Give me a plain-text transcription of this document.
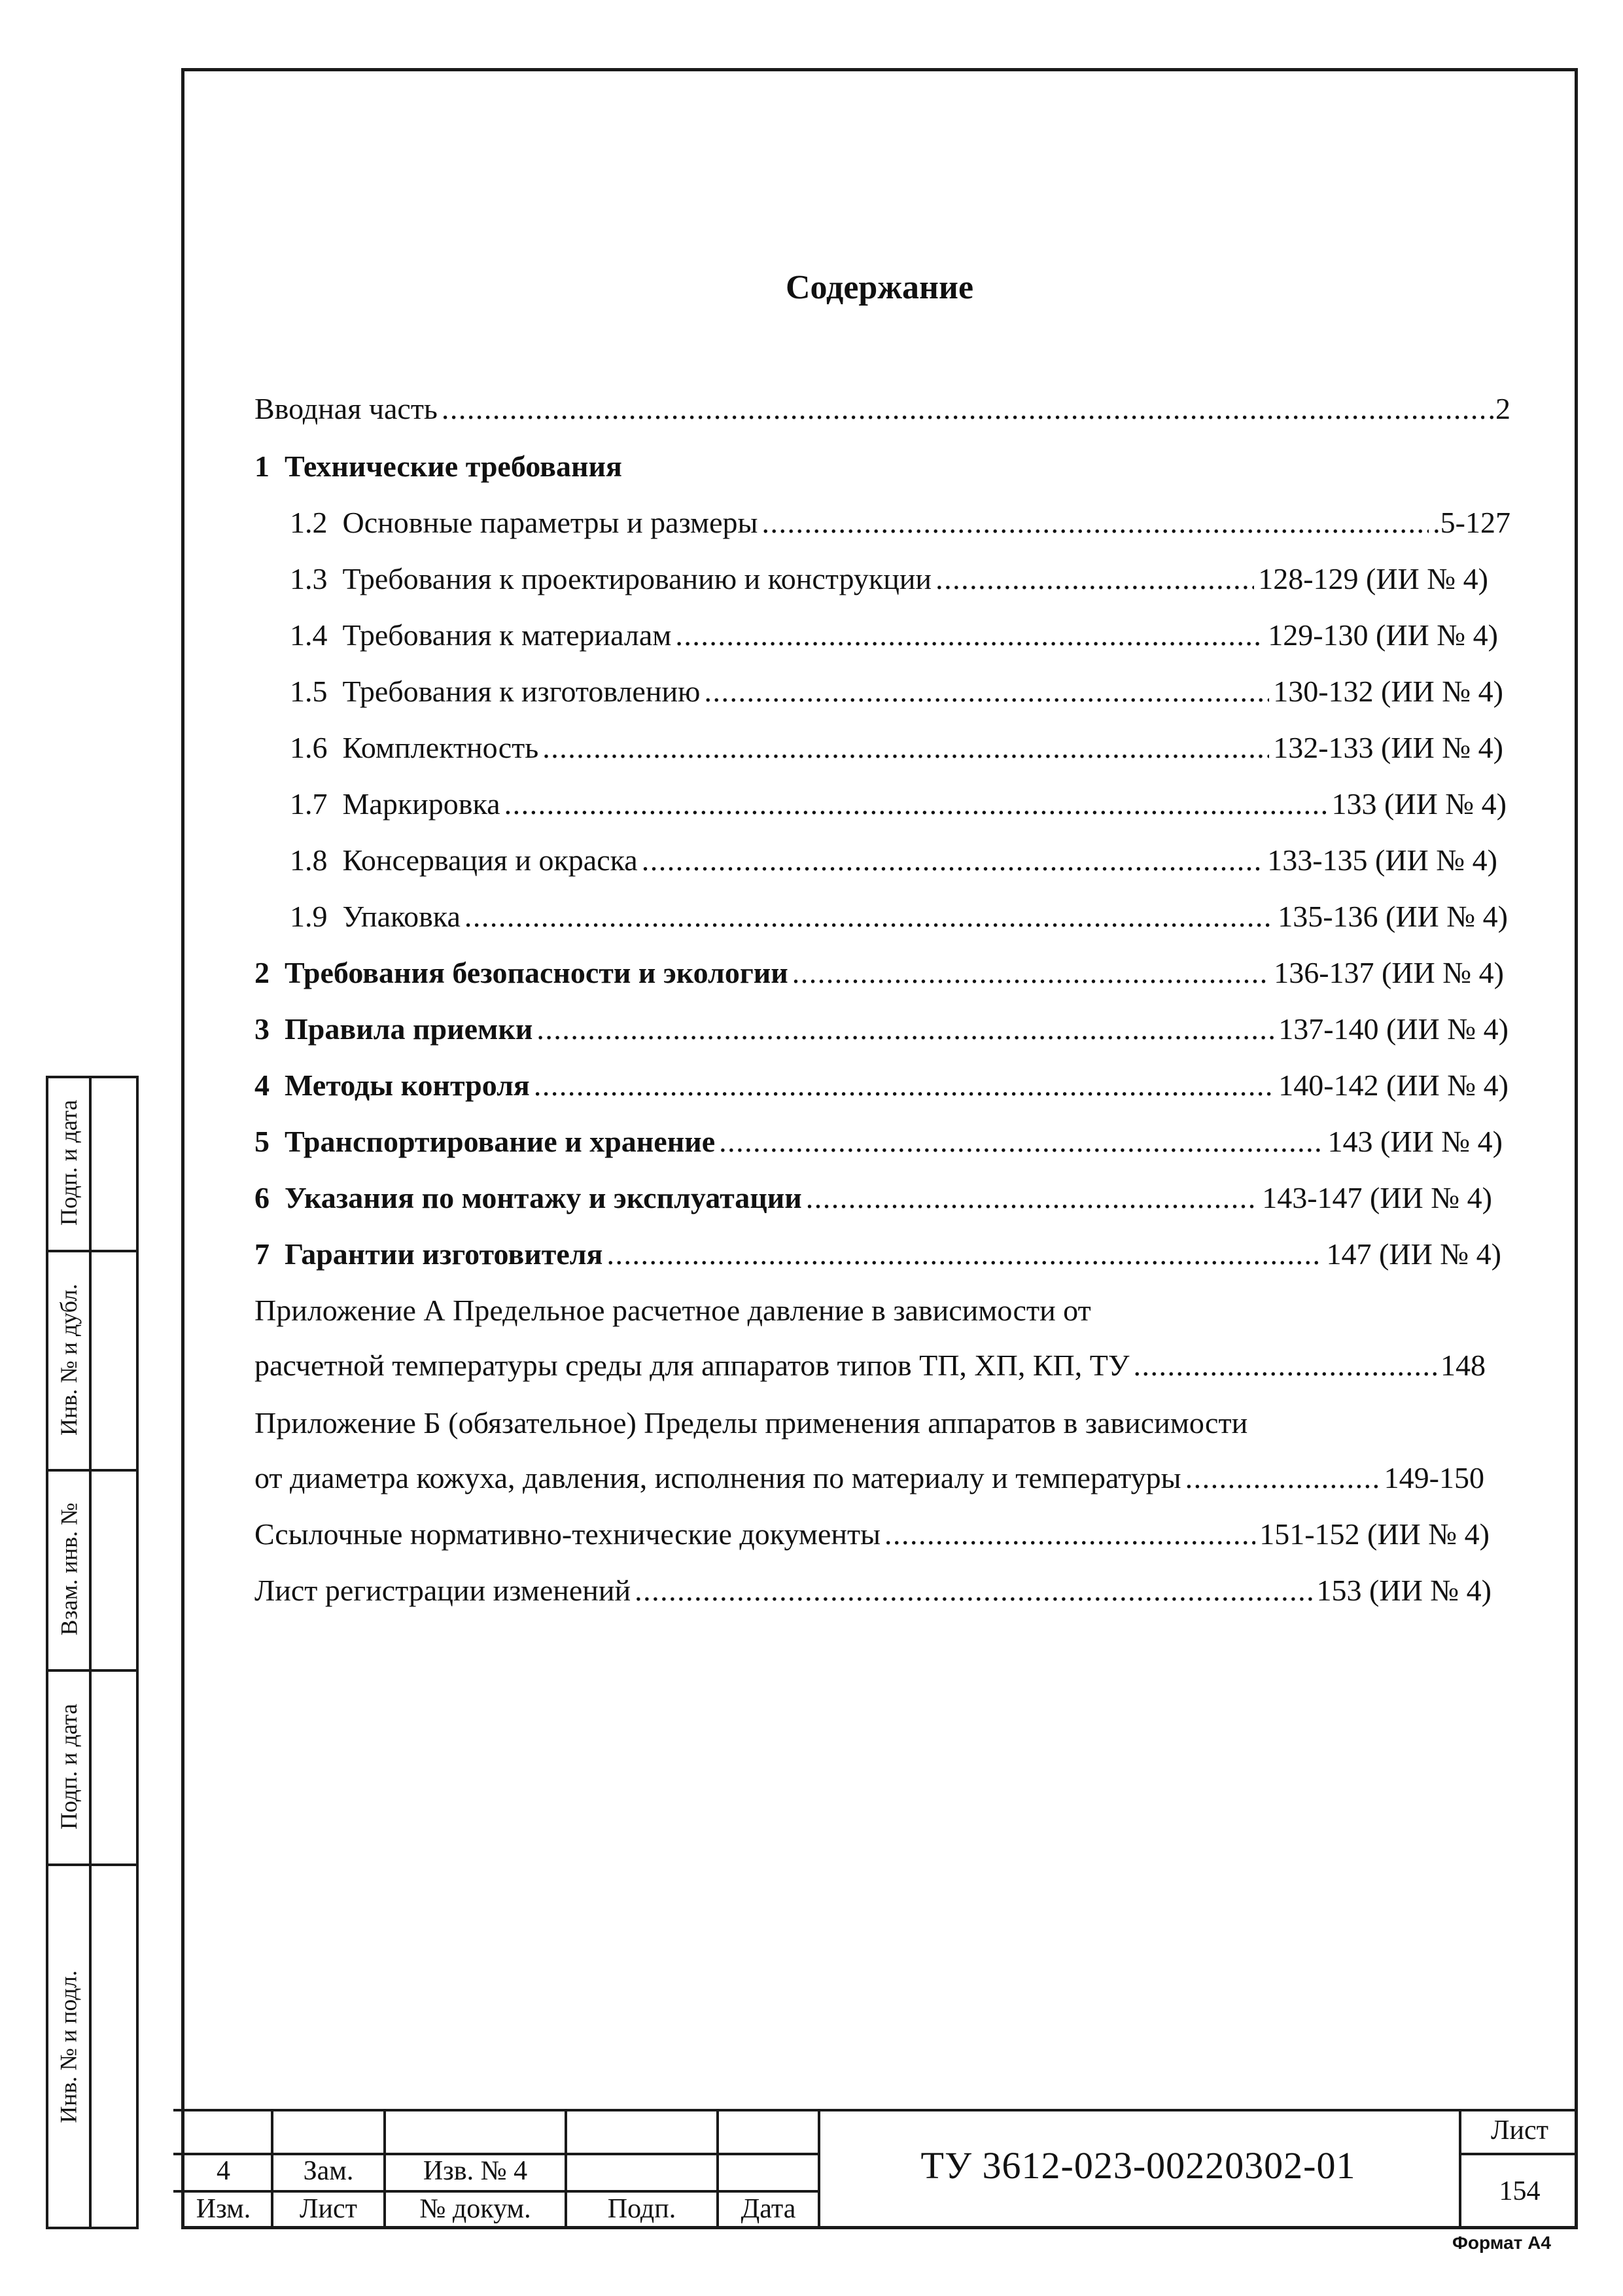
Содержание
Вводная часть . . .	.2
1  Технические требования
1.2  Основные параметры и размеры . . .	.5-127
1.3  Требования к проектированию и конструкции . . .	128-129 (ИИ № 4)
1.4  Требования к материалам . . .	129-130 (ИИ № 4)
1.5  Требования к изготовлению . . .	130-132 (ИИ № 4)
1.6  Комплектность . . .	132-133 (ИИ № 4)
1.7  Маркировка . . .	133 (ИИ № 4)
1.8  Консервация и окраска . . .	133-135 (ИИ № 4)
1.9  Упаковка . . .	135-136 (ИИ № 4)
2  Требования безопасности и экологии . . .	136-137 (ИИ № 4)
3  Правила приемки . . .	137-140 (ИИ № 4)
4  Методы контроля . . .	140-142 (ИИ № 4)
5  Транспортирование и хранение . . .	143 (ИИ № 4)
6  Указания по монтажу и эксплуатации . . .	143-147 (ИИ № 4)
7  Гарантии изготовителя . . .	147 (ИИ № 4)
Приложение А Предельное расчетное давление в зависимости от
расчетной температуры среды для аппаратов типов ТП, ХП, КП, ТУ . . .	148
Приложение Б (обязательное) Пределы применения аппаратов в зависимости
от диаметра кожуха, давления, исполнения по материалу и температуры . . .	149-150
Ссылочные нормативно-технические документы . . .	151-152 (ИИ № 4)
Лист регистрации изменений . . .	153 (ИИ № 4)
Подп. и дата
Инв. № и дубл.
Взам. инв. №
Подп. и дата
Инв. № и подл.
4	Зам.	Изв. № 4
Изм.	Лист	№ докум.	Подп.	Дата
ТУ 3612-023-00220302-01
Лист
154
Формат А4
